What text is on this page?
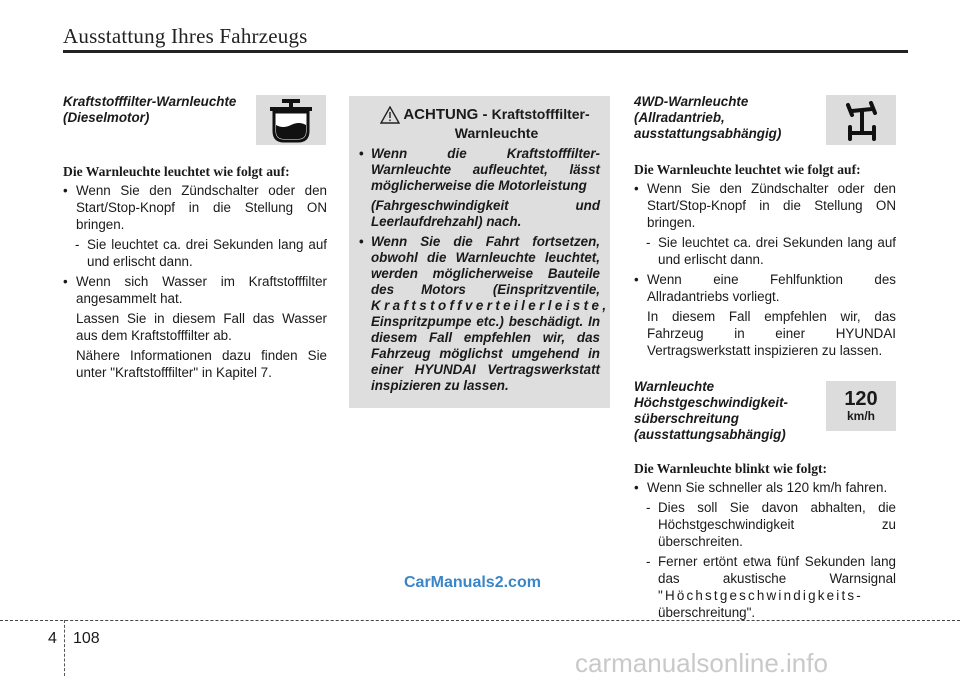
Ausstattung Ihres Fahrzeugs
Kraftstofffilter-Warnleuchte
(Dieselmotor)
Die Warnleuchte leuchtet wie folgt auf:
• Wenn Sie den Zündschalter oder den Start/Stop-Knopf in die Stellung ON bringen.
- Sie leuchtet ca. drei Sekunden lang auf und erlischt dann.
• Wenn sich Wasser im Kraftstofffilter angesammelt hat.
Lassen Sie in diesem Fall das Wasser aus dem Kraftstofffilter ab.
Nähere Informationen dazu finden Sie unter "Kraftstofffilter" in Kapitel 7.
ACHTUNG - Kraftstofffilter-
Warnleuchte
• Wenn die Kraftstofffilter-Warnleuchte aufleuchtet, lässt möglicherweise die Motorleistung
(Fahrgeschwindigkeit und Leerlaufdrehzahl) nach.
• Wenn Sie die Fahrt fortsetzen, obwohl die Warnleuchte leuchtet, werden möglicherweise Bauteile des Motors (Einspritzventile, Kraftstoffverteilerleiste, Einspritzpumpe etc.) beschädigt. In diesem Fall empfehlen wir, das Fahrzeug möglichst umgehend in einer HYUNDAI Vertragswerkstatt inspizieren zu lassen.
4WD-Warnleuchte
(Allradantrieb,
ausstattungsabhängig)
Die Warnleuchte leuchtet wie folgt auf:
• Wenn Sie den Zündschalter oder den Start/Stop-Knopf in die Stellung ON bringen.
- Sie leuchtet ca. drei Sekunden lang auf und erlischt dann.
• Wenn eine Fehlfunktion des Allradantriebs vorliegt.
In diesem Fall empfehlen wir, das Fahrzeug in einer HYUNDAI Vertragswerkstatt inspizieren zu lassen.
120
km/h
Warnleuchte
Höchstgeschwindigkeit-
süberschreitung
(ausstattungsabhängig)
Die Warnleuchte blinkt wie folgt:
• Wenn Sie schneller als 120 km/h fahren.
- Dies soll Sie davon abhalten, die Höchstgeschwindigkeit zu überschreiten.
- Ferner ertönt etwa fünf Sekunden lang das akustische Warnsignal "Höchstgeschwindigkeits- überschreitung".
CarManuals2.com
4 108
carmanualsonline.info
